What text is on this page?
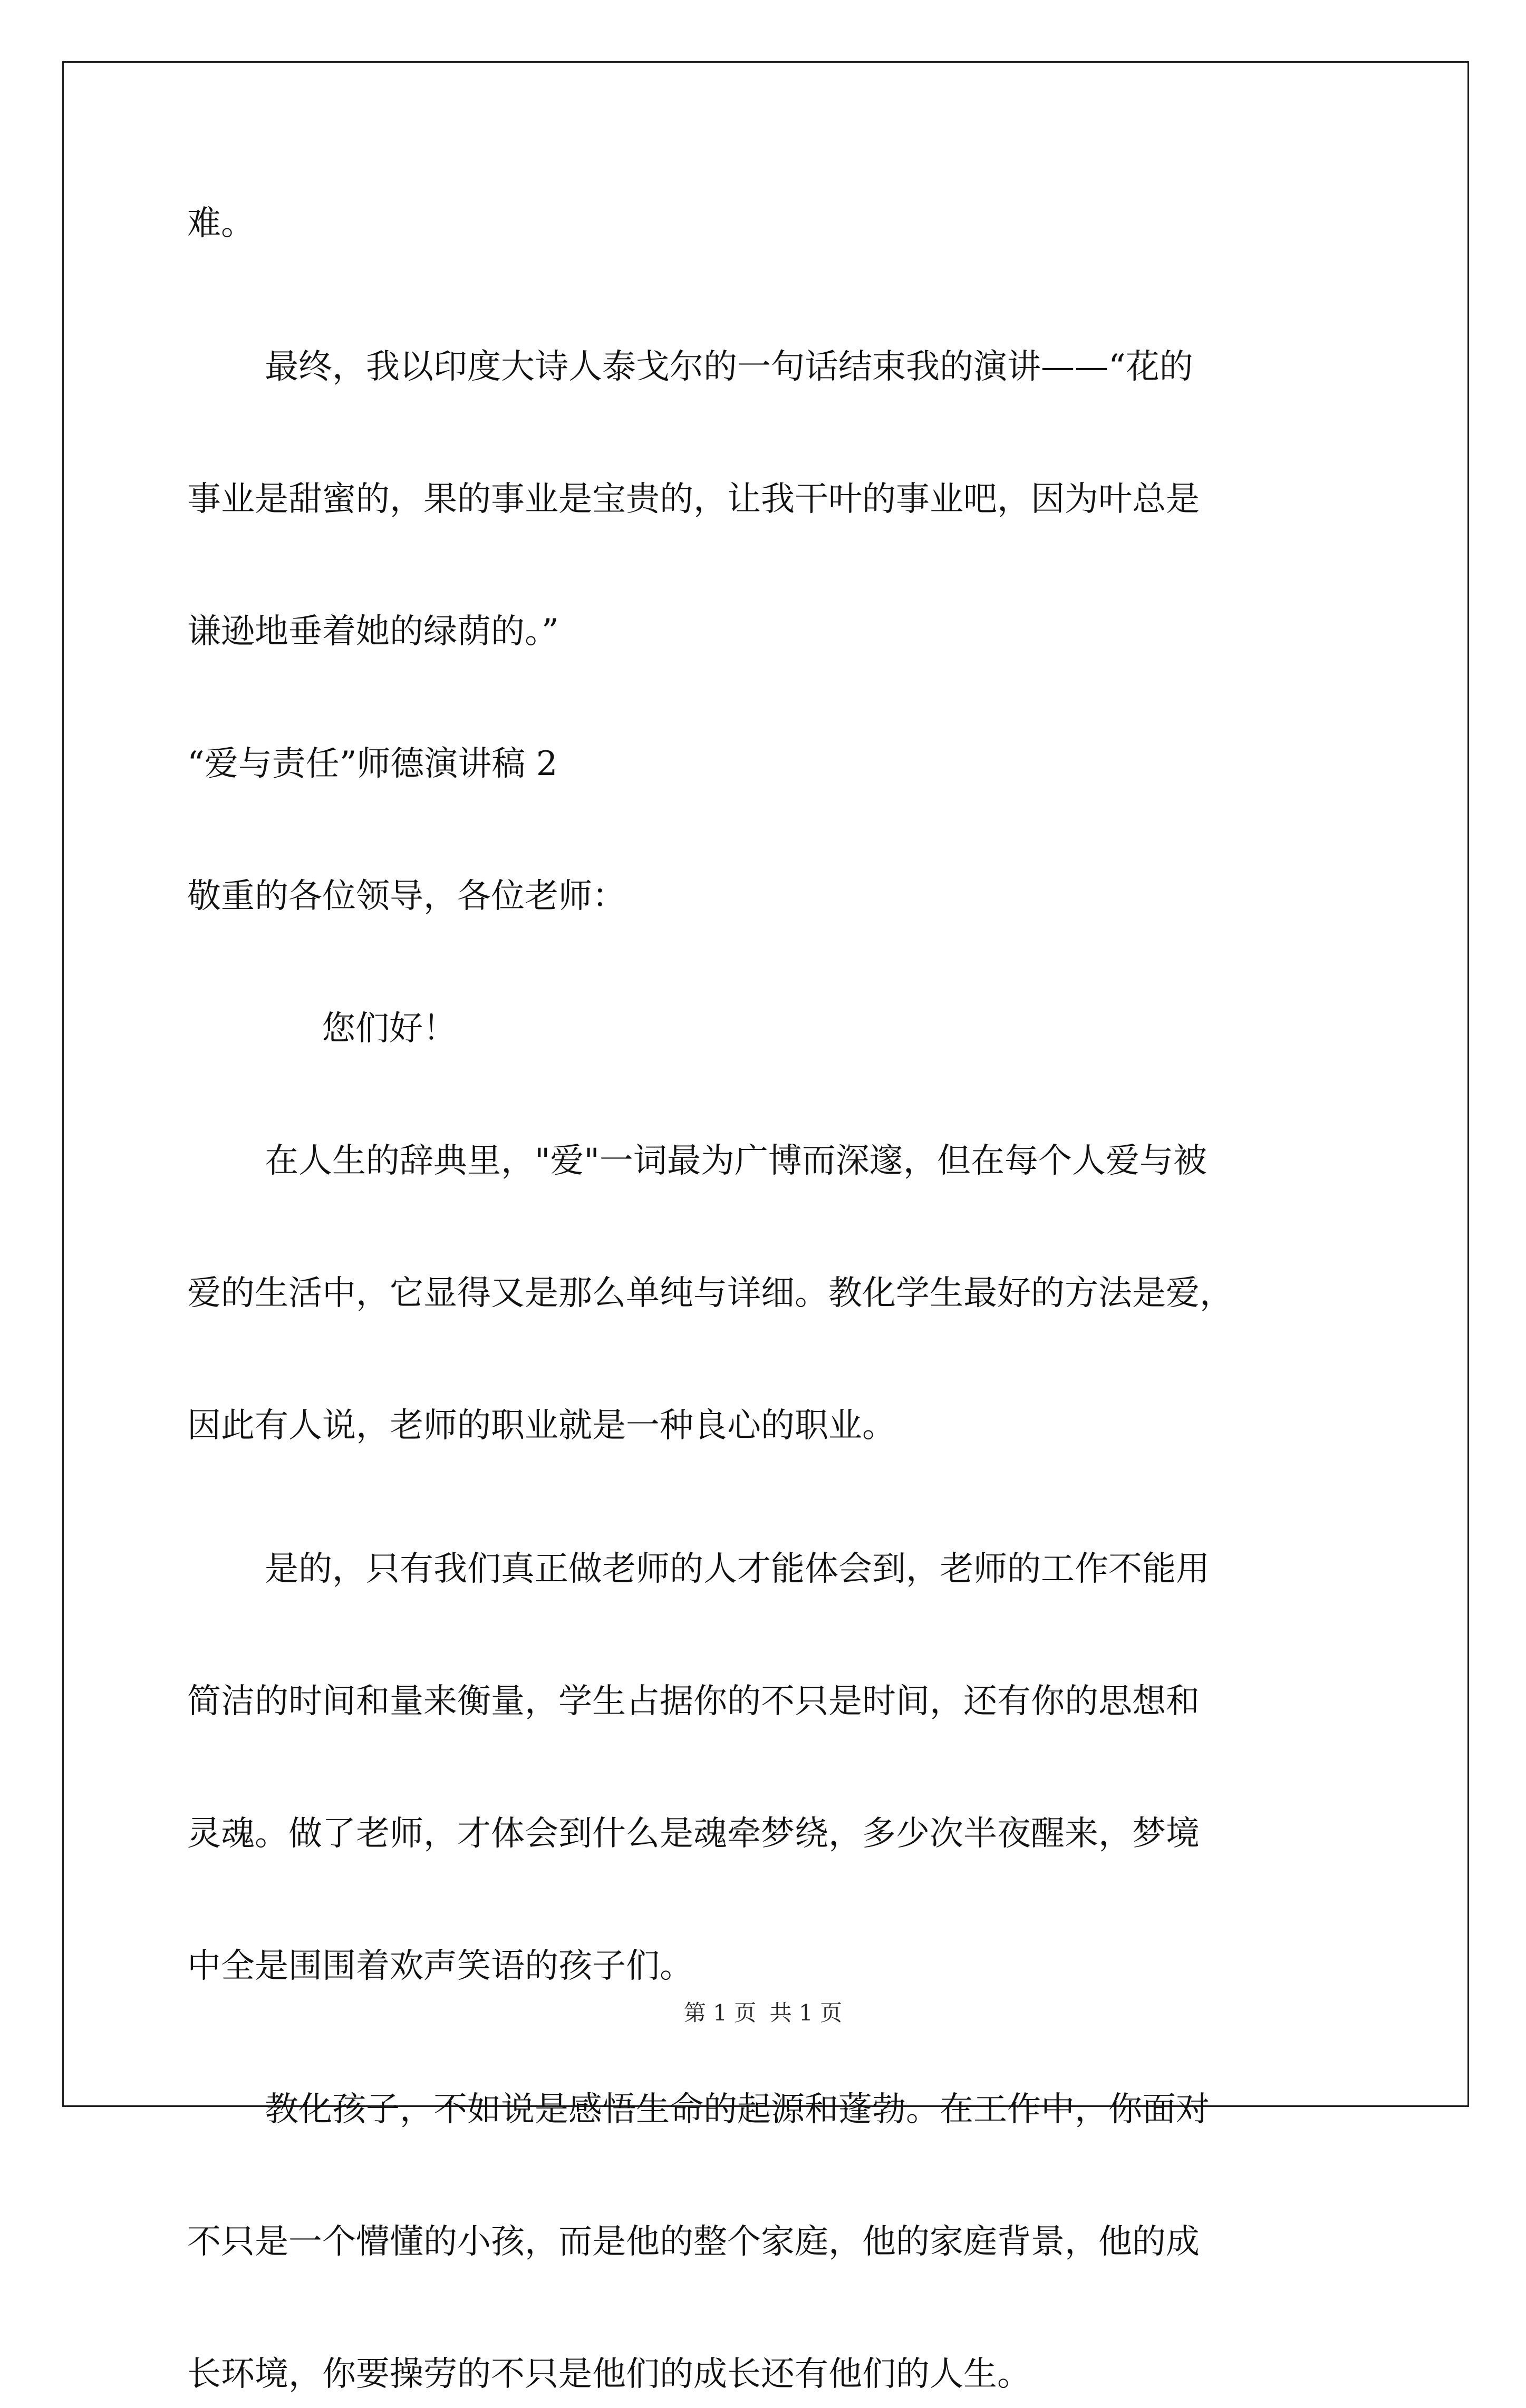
难。
最终，我以印度大诗人泰戈尔的一句话结束我的演讲——“花的
事业是甜蜜的，果的事业是宝贵的，让我干叶的事业吧，因为叶总是
谦逊地垂着她的绿荫的。”
“爱与责任”师德演讲稿 2
敬重的各位领导，各位老师：
您们好！
在人生的辞典里，"爱"一词最为广博而深邃，但在每个人爱与被
爱的生活中，它显得又是那么单纯与详细。教化学生最好的方法是爱，
因此有人说，老师的职业就是一种良心的职业。
是的，只有我们真正做老师的人才能体会到，老师的工作不能用
简洁的时间和量来衡量，学生占据你的不只是时间，还有你的思想和
灵魂。做了老师，才体会到什么是魂牵梦绕，多少次半夜醒来，梦境
中全是围围着欢声笑语的孩子们。
教化孩子，不如说是感悟生命的起源和蓬勃。在工作中，你面对
不只是一个懵懂的小孩，而是他的整个家庭，他的家庭背景，他的成
长环境，你要操劳的不只是他们的成长还有他们的人生。
第 1 页 共 1 页
